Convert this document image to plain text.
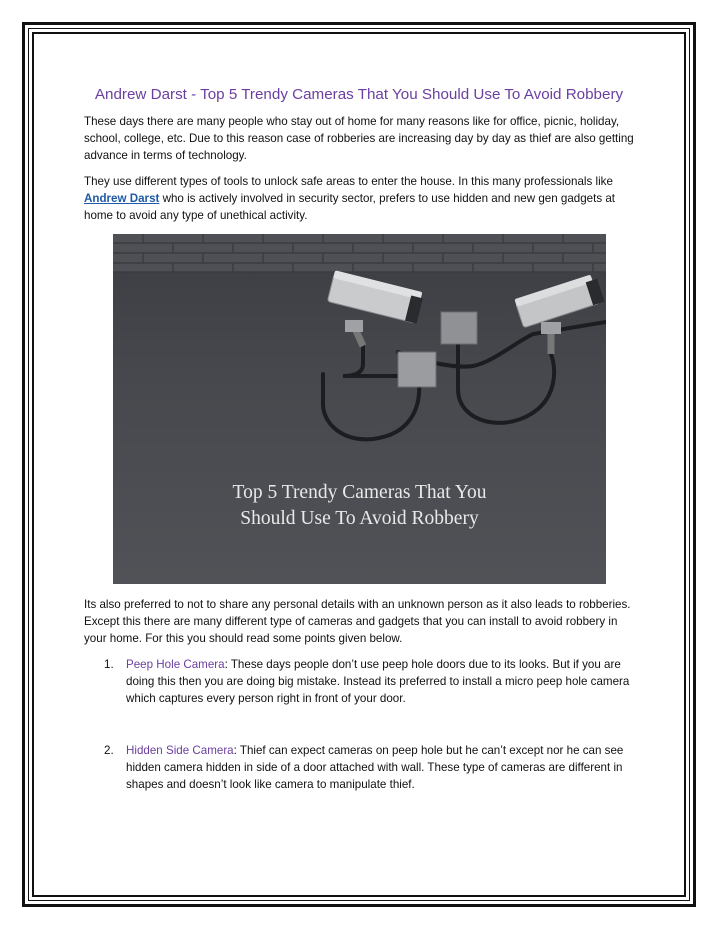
Andrew Darst - Top 5 Trendy Cameras That You Should Use To Avoid Robbery

These days there are many people who stay out of home for many reasons like for office, picnic, holiday, school, college, etc. Due to this reason case of robberies are increasing day by day as thief are also getting advance in terms of technology.

They use different types of tools to unlock safe areas to enter the house. In this many professionals like Andrew Darst who is actively involved in security sector, prefers to use hidden and new gen gadgets at home to avoid any type of unethical activity.

Top 5 Trendy Cameras That You
Should Use To Avoid Robbery

Its also preferred to not to share any personal details with an unknown person as it also leads to robberies. Except this there are many different type of cameras and gadgets that you can install to avoid robbery in your home. For this you should read some points given below.

1. Peep Hole Camera: These days people don’t use peep hole doors due to its looks. But if you are doing this then you are doing big mistake. Instead its preferred to install a micro peep hole camera which captures every person right in front of your door.
2. Hidden Side Camera: Thief can expect cameras on peep hole but he can’t except nor he can see hidden camera hidden in side of a door attached with wall. These type of cameras are different in shapes and doesn’t look like camera to manipulate thief.
